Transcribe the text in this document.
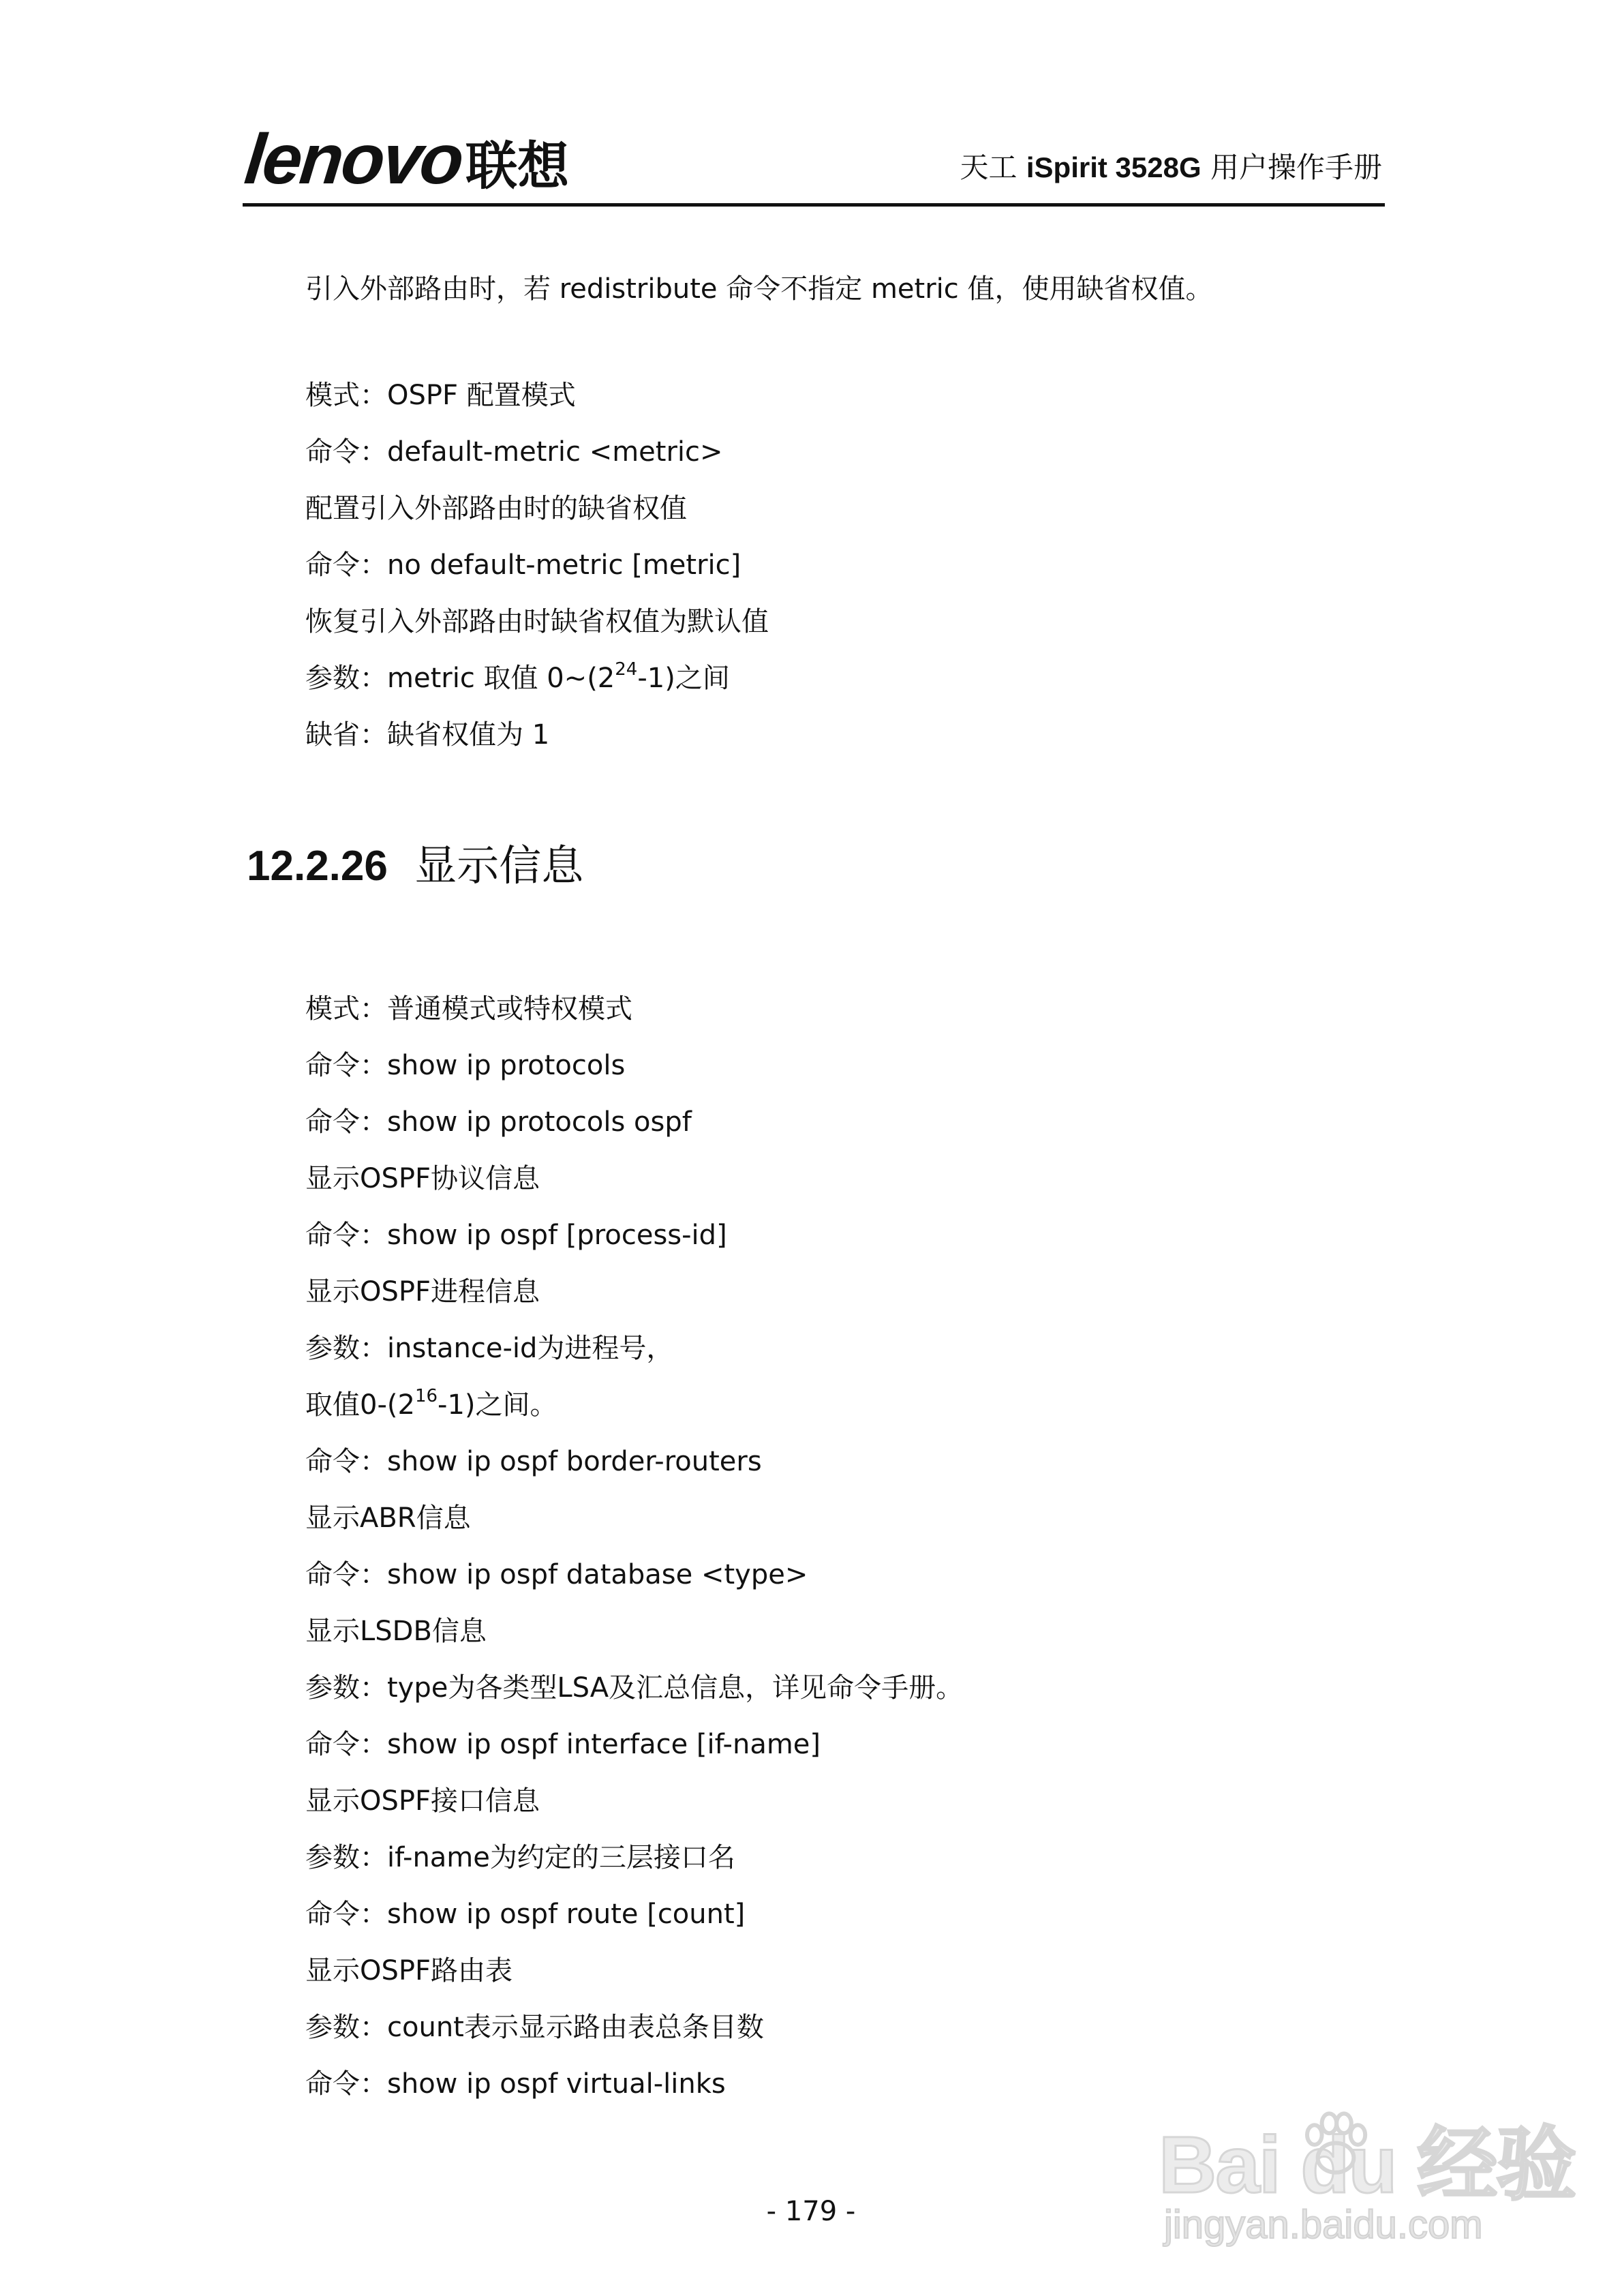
lenovo 联想	天工 iSpirit 3528G 用户操作手册
引入外部路由时，若 redistribute 命令不指定 metric 值，使用缺省权值。
模式：OSPF 配置模式
命令：default-metric <metric>
配置引入外部路由时的缺省权值
命令：no default-metric [metric]
恢复引入外部路由时缺省权值为默认值
参数：metric 取值 $0\sim(2^{24}-1)$之间
缺省：缺省权值为 1
12.2.26 显示信息
模式：普通模式或特权模式
命令：show ip protocols
命令：show ip protocols ospf
显示OSPF协议信息
命令：show ip ospf [process-id]
显示OSPF进程信息
参数：instance-id为进程号，
取值$0-(2^{16}-1)$之间。
命令：show ip ospf border-routers
显示ABR信息
命令：show ip ospf database <type>
显示LSDB信息
参数：type为各类型LSA及汇总信息，详见命令手册。
命令：show ip ospf interface [if-name]
显示OSPF接口信息
参数：if-name为约定的三层接口名
命令：show ip ospf route [count]
显示OSPF路由表
参数：count表示显示路由表总条目数
命令：show ip ospf virtual-links
- 179 -
Bai du 经验
jingyan.baidu.com
